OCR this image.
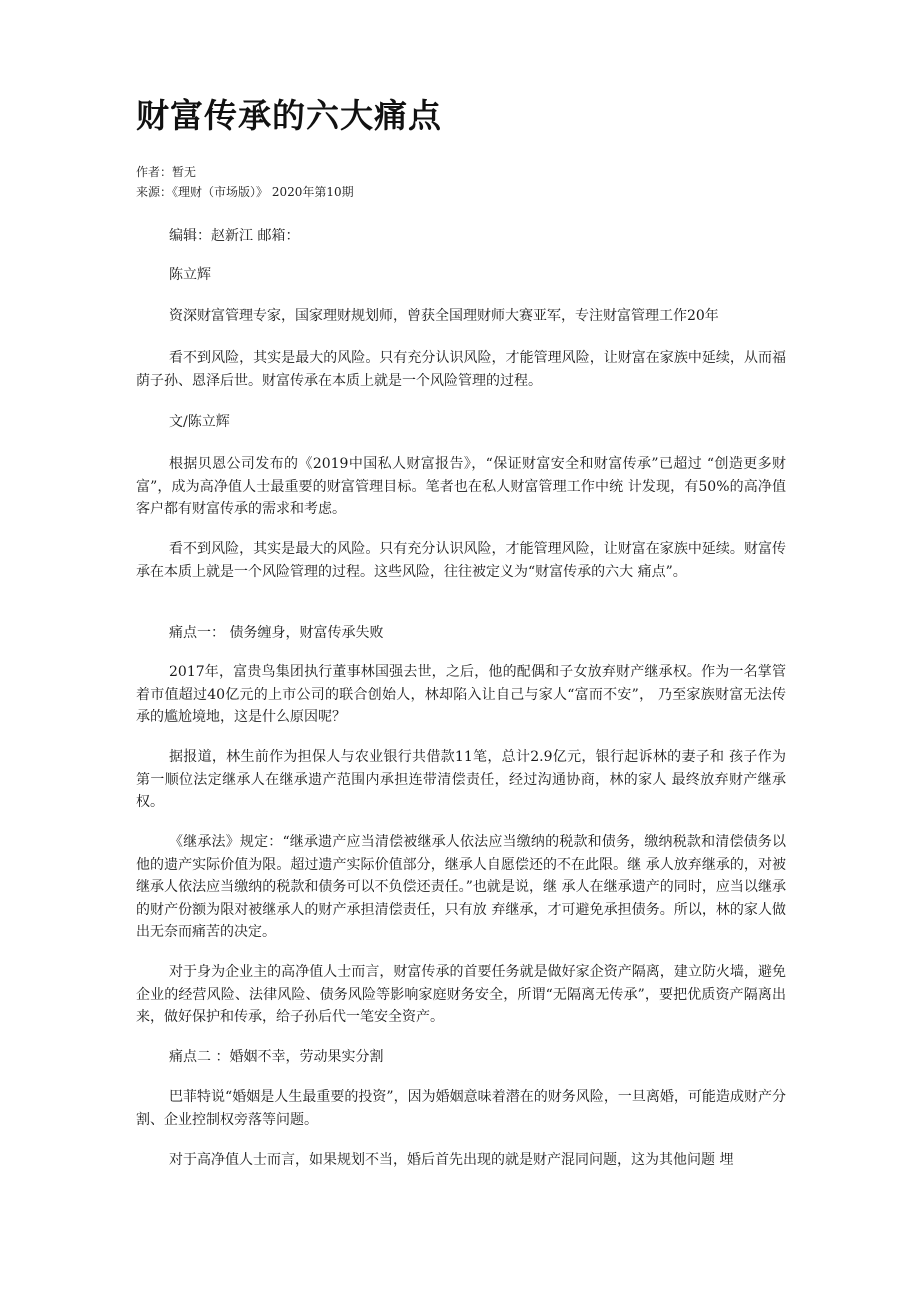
财富传承的六大痛点
作者：暂无
来源：《理财（市场版）》 2020年第10期

编辑：赵新江 邮箱：

陈立辉

资深财富管理专家，国家理财规划师，曾获全国理财师大赛亚军，专注财富管理工作20年

看不到风险，其实是最大的风险。只有充分认识风险，才能管理风险，让财富在家族中延续，从而福荫子孙、恩泽后世。财富传承在本质上就是一个风险管理的过程。

文/陈立辉

根据贝恩公司发布的《2019中国私人财富报告》，“保证财富安全和财富传承”已超过 “创造更多财富”，成为高净值人士最重要的财富管理目标。笔者也在私人财富管理工作中统 计发现，有50%的高净值客户都有财富传承的需求和考虑。

看不到风险，其实是最大的风险。只有充分认识风险，才能管理风险，让财富在家族中延续。财富传承在本质上就是一个风险管理的过程。这些风险，往往被定义为“财富传承的六大 痛点”。

痛点一： 债务缠身，财富传承失败

2017年，富贵鸟集团执行董事林国强去世，之后，他的配偶和子女放弃财产继承权。作为一名掌管着市值超过40亿元的上市公司的联合创始人，林却陷入让自己与家人“富而不安”， 乃至家族财富无法传承的尴尬境地，这是什么原因呢？

据报道，林生前作为担保人与农业银行共借款11笔，总计2.9亿元，银行起诉林的妻子和 孩子作为第一顺位法定继承人在继承遗产范围内承担连带清偿责任，经过沟通协商，林的家人 最终放弃财产继承权。

《继承法》规定：“继承遗产应当清偿被继承人依法应当缴纳的税款和债务，缴纳税款和清偿债务以他的遗产实际价值为限。超过遗产实际价值部分，继承人自愿偿还的不在此限。继 承人放弃继承的，对被继承人依法应当缴纳的税款和债务可以不负偿还责任。”也就是说，继 承人在继承遗产的同时，应当以继承的财产份额为限对被继承人的财产承担清偿责任，只有放 弃继承，才可避免承担债务。所以，林的家人做出无奈而痛苦的决定。

对于身为企业主的高净值人士而言，财富传承的首要任务就是做好家企资产隔离，建立防火墙，避免企业的经营风险、法律风险、债务风险等影响家庭财务安全，所谓“无隔离无传承”，要把优质资产隔离出来，做好保护和传承，给子孙后代一笔安全资产。

痛点二 ：婚姻不幸，劳动果实分割

巴菲特说“婚姻是人生最重要的投资”，因为婚姻意味着潜在的财务风险，一旦离婚，可能造成财产分割、企业控制权旁落等问题。

对于高净值人士而言，如果规划不当，婚后首先出现的就是财产混同问题，这为其他问题 埋
